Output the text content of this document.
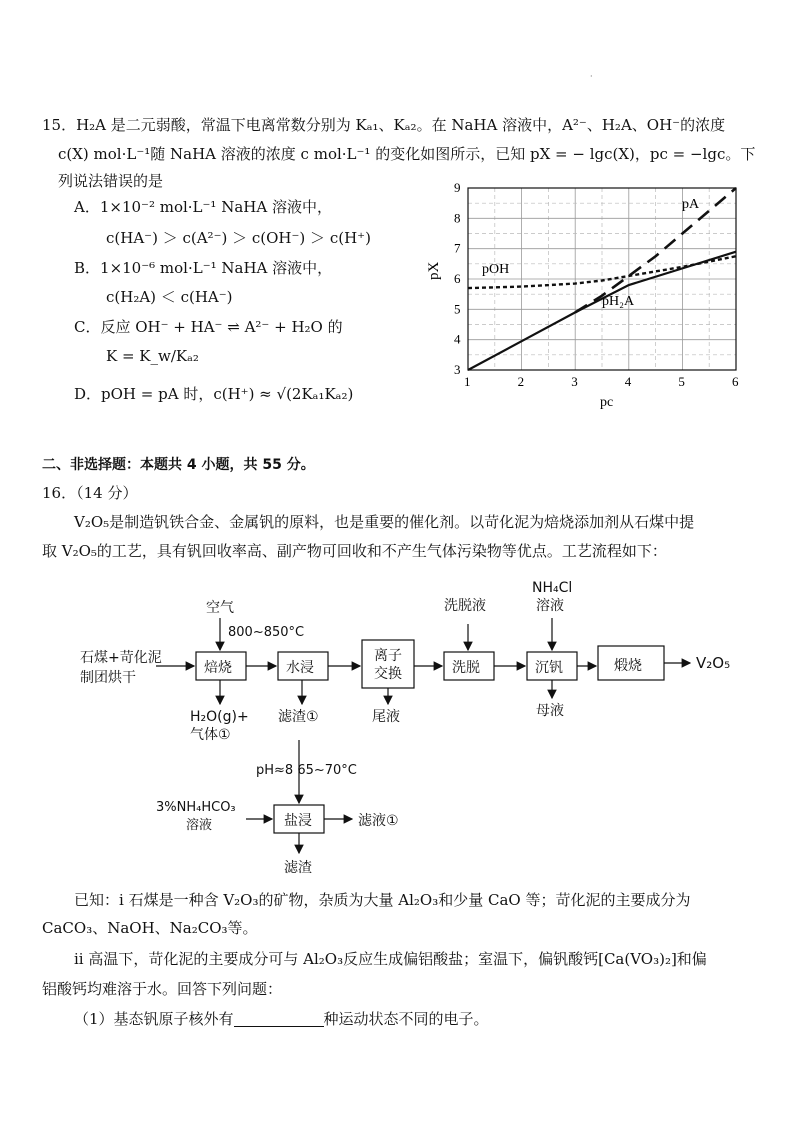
·
15．H₂A 是二元弱酸，常温下电离常数分别为 Kₐ₁、Kₐ₂。在 NaHA 溶液中，A²⁻、H₂A、OH⁻的浓度
c(X) mol·L⁻¹随 NaHA 溶液的浓度 c mol·L⁻¹ 的变化如图所示，已知 pX = − lgc(X)，pc = −lgc。下
列说法错误的是
A．1×10⁻² mol·L⁻¹ NaHA 溶液中，
c(HA⁻) ＞ c(A²⁻) ＞ c(OH⁻) ＞ c(H⁺)
B．1×10⁻⁶ mol·L⁻¹ NaHA 溶液中，
c(H₂A) ＜ c(HA⁻)
C．反应 OH⁻ + HA⁻ ⇌ A²⁻ + H₂O 的
K = K_w/Kₐ₂
D．pOH = pA 时，c(H⁺) ≈ √(2Kₐ₁Kₐ₂)
1	2	3	4	5	6
3
4
5
6
7
8
9
pX
pc
pA
pOH
pH₂A
二、非选择题：本题共 4 小题，共 55 分。
16．（14 分）
V₂O₅是制造钒铁合金、金属钒的原料，也是重要的催化剂。以苛化泥为焙烧添加剂从石煤中提
取 V₂O₅的工艺，具有钒回收率高、副产物可回收和不产生气体污染物等优点。工艺流程如下：
空气
800~850°C
石煤+苛化泥
制团烘干
焙烧	水浸
离子
交换	洗脱	沉钒	煅烧	V₂O₅
洗脱液
NH₄Cl
溶液
H₂O(g)+
气体①
滤渣①	尾液	母液
pH≈8 65~70°C
3%NH₄HCO₃
溶液	盐浸	滤液①
滤渣
已知：i 石煤是一种含 V₂O₃的矿物，杂质为大量 Al₂O₃和少量 CaO 等；苛化泥的主要成分为
CaCO₃、NaOH、Na₂CO₃等。
ii 高温下，苛化泥的主要成分可与 Al₂O₃反应生成偏铝酸盐；室温下，偏钒酸钙[Ca(VO₃)₂]和偏
铝酸钙均难溶于水。回答下列问题：
（1）基态钒原子核外有	种运动状态不同的电子。
